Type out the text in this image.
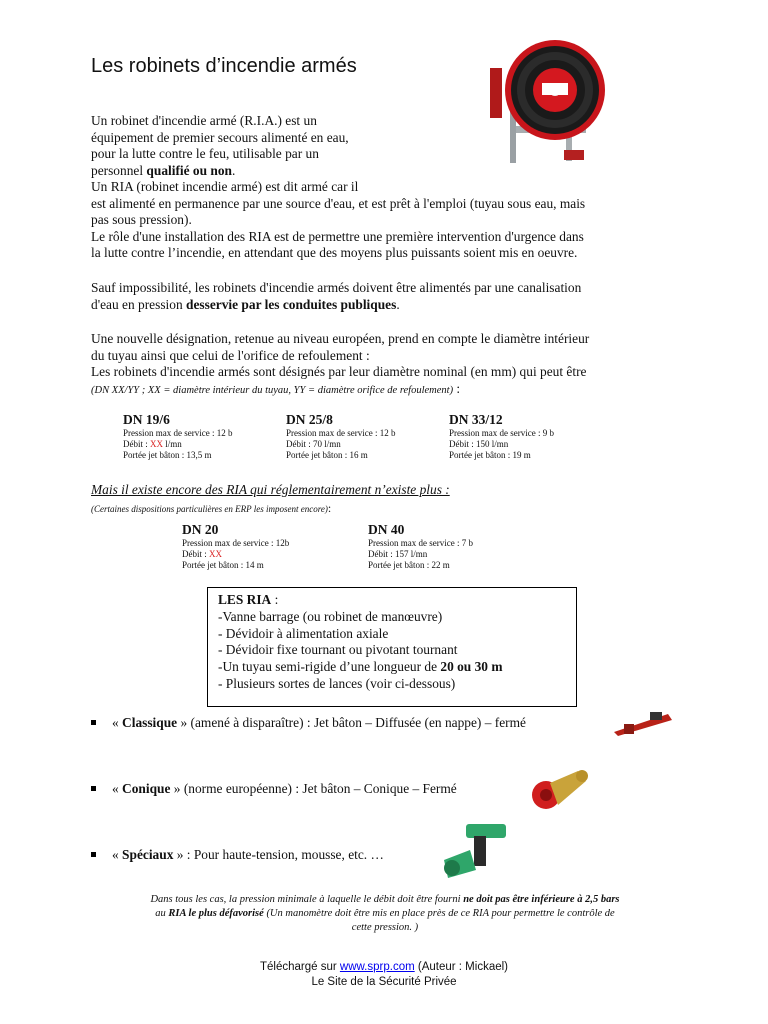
Les robinets d’incendie armés
Un robinet d'incendie armé (R.I.A.) est un
équipement de premier secours alimenté en eau,
pour la lutte contre le feu, utilisable par un
personnel qualifié ou non.
Un RIA (robinet incendie armé) est dit armé car il
est alimenté en permanence par une source d'eau, et est prêt à l'emploi (tuyau sous eau, mais
pas sous pression).
Le rôle d'une installation des RIA est de permettre une première intervention d'urgence dans
la lutte contre l’incendie, en attendant que des moyens plus puissants soient mis en oeuvre.
Sauf impossibilité, les robinets d'incendie armés doivent être alimentés par une canalisation
d'eau en pression desservie par les conduites publiques.
Une nouvelle désignation, retenue au niveau européen, prend en compte le diamètre intérieur
du tuyau ainsi que celui de l'orifice de refoulement :
Les robinets d'incendie armés sont désignés par leur diamètre nominal (en mm) qui peut être
(DN XX/YY ; XX = diamètre intérieur du tuyau, YY = diamètre orifice de refoulement) :
DN 19/6
Pression max de service : 12 b
Débit : XX l/mn
Portée jet bâton : 13,5 m
DN 25/8
Pression max de service : 12 b
Débit : 70 l/mn
Portée jet bâton : 16 m
DN 33/12
Pression max de service : 9 b
Débit : 150 l/mn
Portée jet bâton : 19 m
Mais il existe encore des RIA qui réglementairement n’existe plus :
(Certaines dispositions particulières en ERP les imposent encore):
DN 20
Pression max de service : 12b
Débit : XX
Portée jet bâton : 14 m
DN 40
Pression max de service : 7 b
Débit : 157 l/mn
Portée jet bâton : 22 m
LES RIA :
-Vanne barrage (ou robinet de manœuvre)
- Dévidoir à alimentation axiale
- Dévidoir fixe tournant ou pivotant tournant
-Un tuyau semi-rigide d’une longueur de 20 ou 30 m
- Plusieurs sortes de lances (voir ci-dessous)
« Classique » (amené à disparaître) : Jet bâton – Diffusée (en nappe) – fermé
« Conique » (norme européenne) : Jet bâton – Conique – Fermé
« Spéciaux » : Pour haute-tension, mousse, etc. …
Dans tous les cas, la pression minimale à laquelle le débit doit être fourni ne doit pas être inférieure à 2,5 bars
au RIA le plus défavorisé (Un manomètre doit être mis en place près de ce RIA pour permettre le contrôle de
cette pression. )
Téléchargé sur www.sprp.com (Auteur : Mickael)
Le Site de la Sécurité Privée
